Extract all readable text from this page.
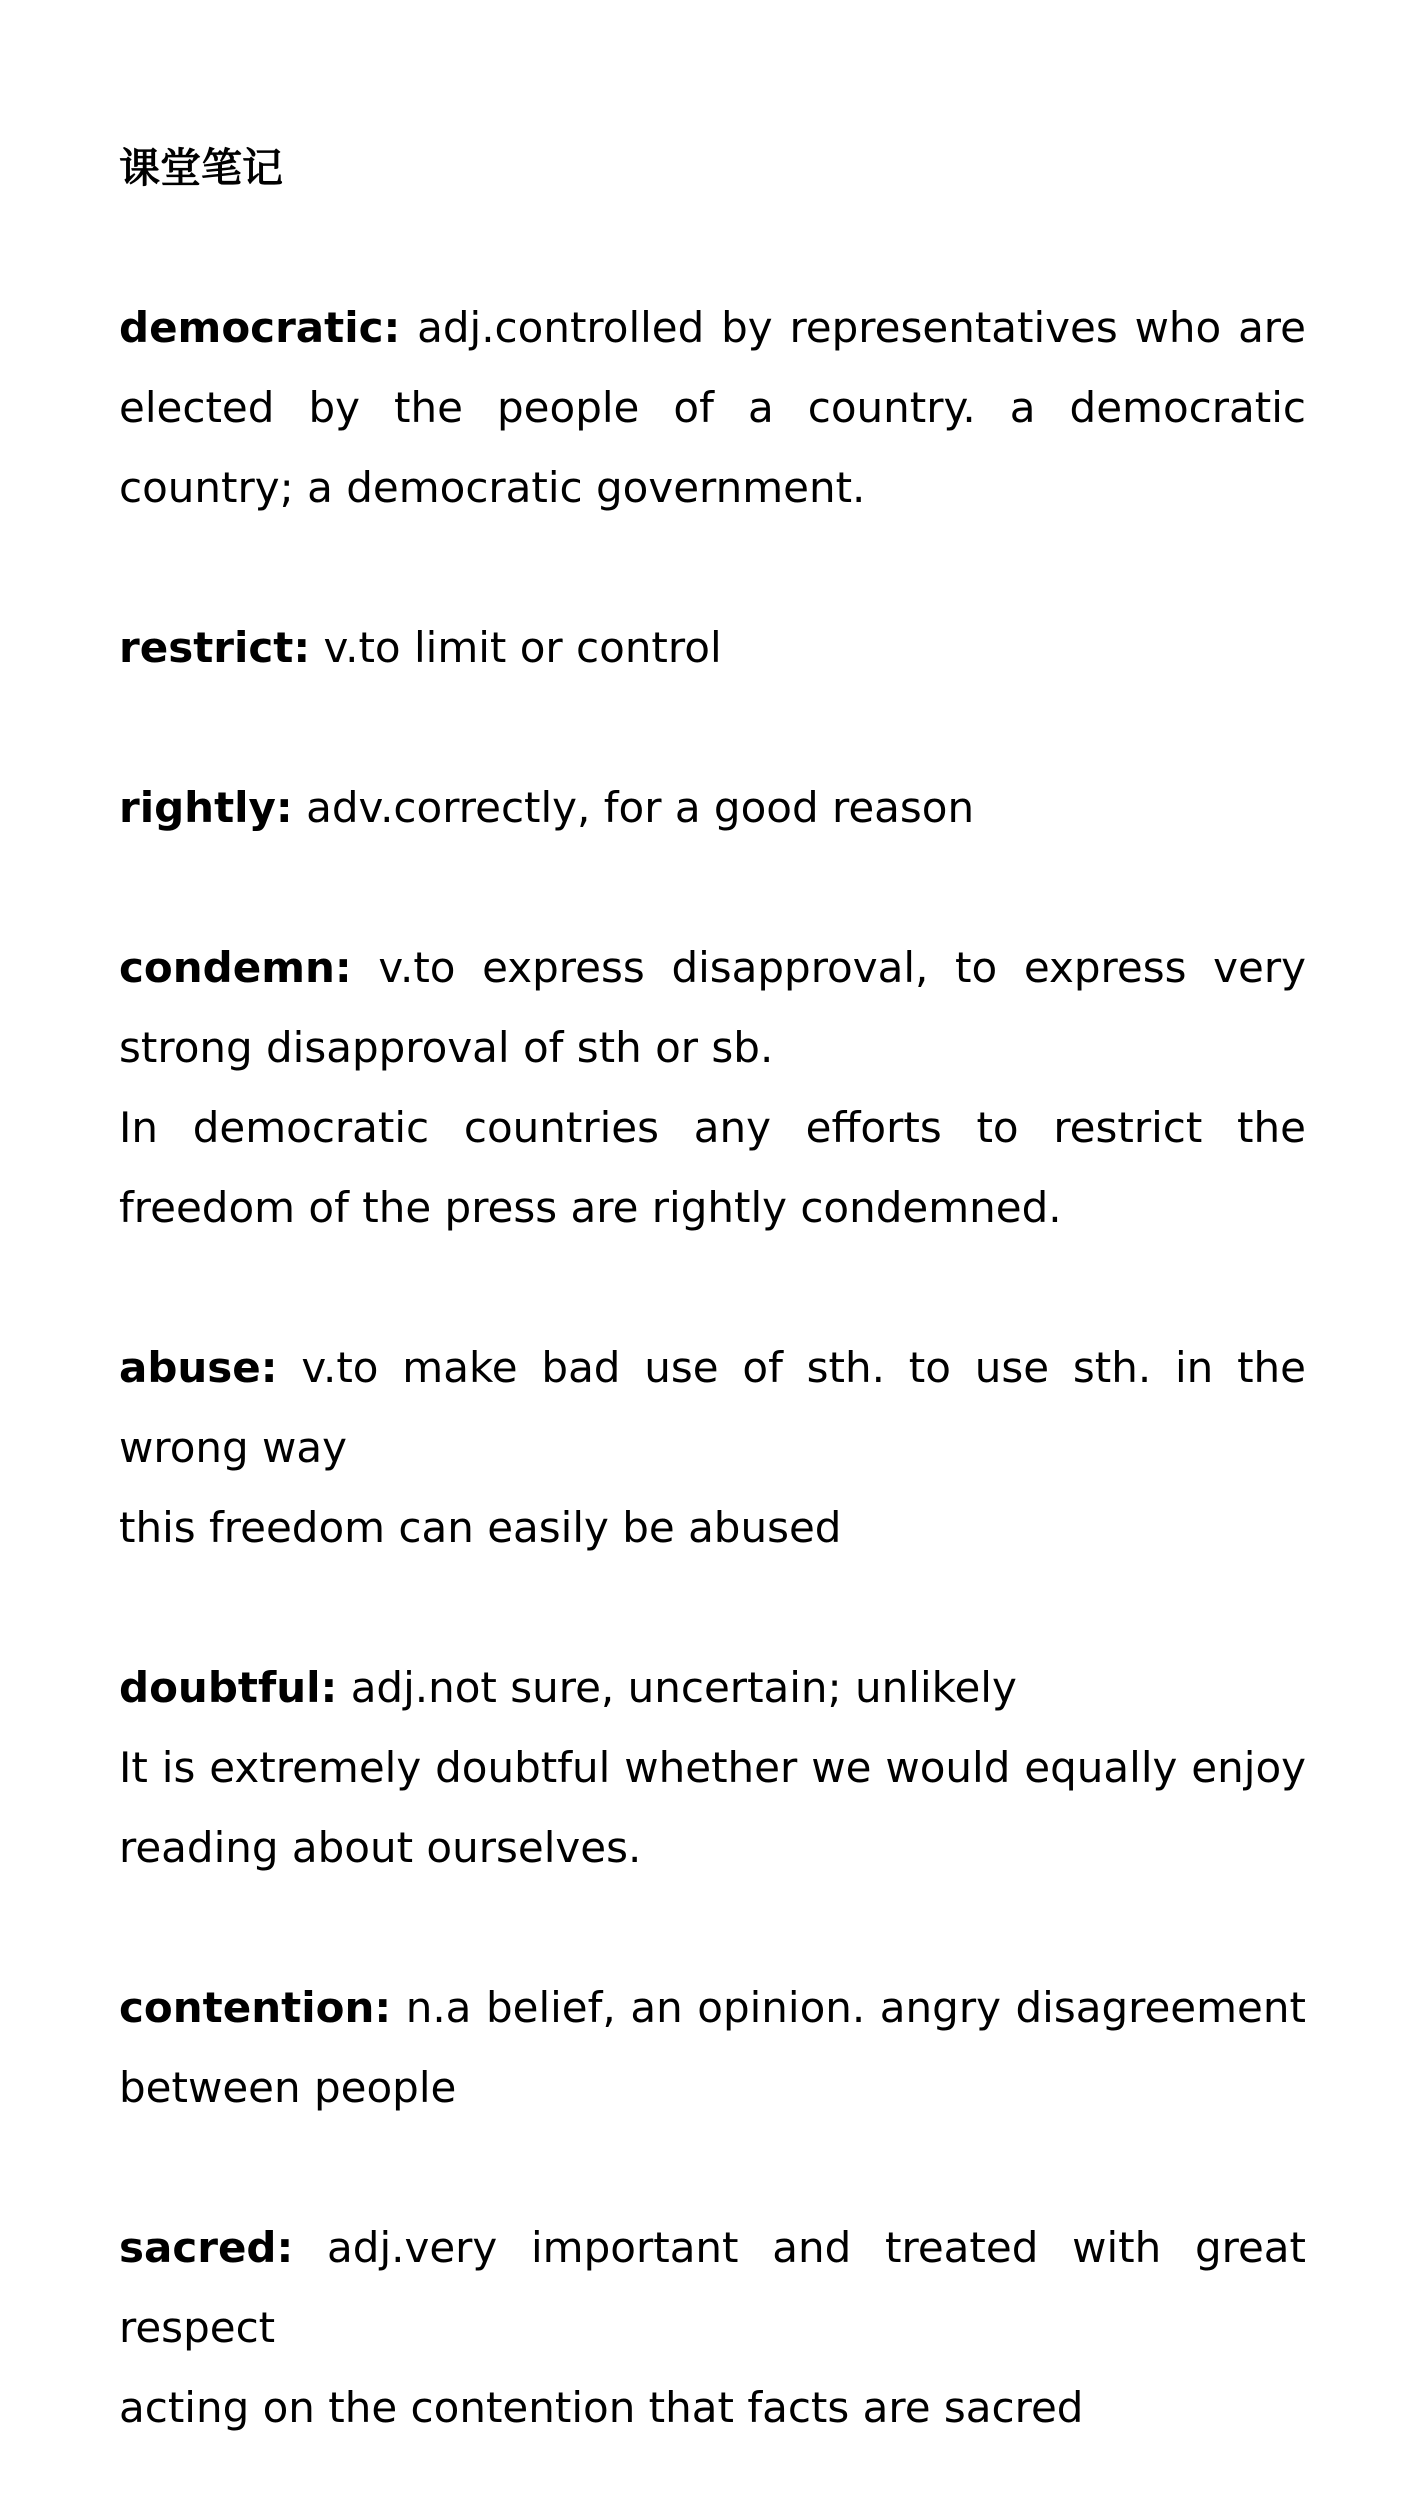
课堂笔记

democratic: adj.controlled by representatives who are elected by the people of a country. a democratic country; a democratic government.

restrict: v.to limit or control

rightly: adv.correctly, for a good reason

condemn: v.to express disapproval, to express very strong disapproval of sth or sb.

In democratic countries any efforts to restrict the freedom of the press are rightly condemned.

abuse: v.to make bad use of sth. to use sth. in the wrong way

this freedom can easily be abused

doubtful: adj.not sure, uncertain; unlikely

It is extremely doubtful whether we would equally enjoy reading about ourselves.

contention: n.a belief, an opinion. angry disagreement between people

sacred: adj.very important and treated with great respect

acting on the contention that facts are sacred
